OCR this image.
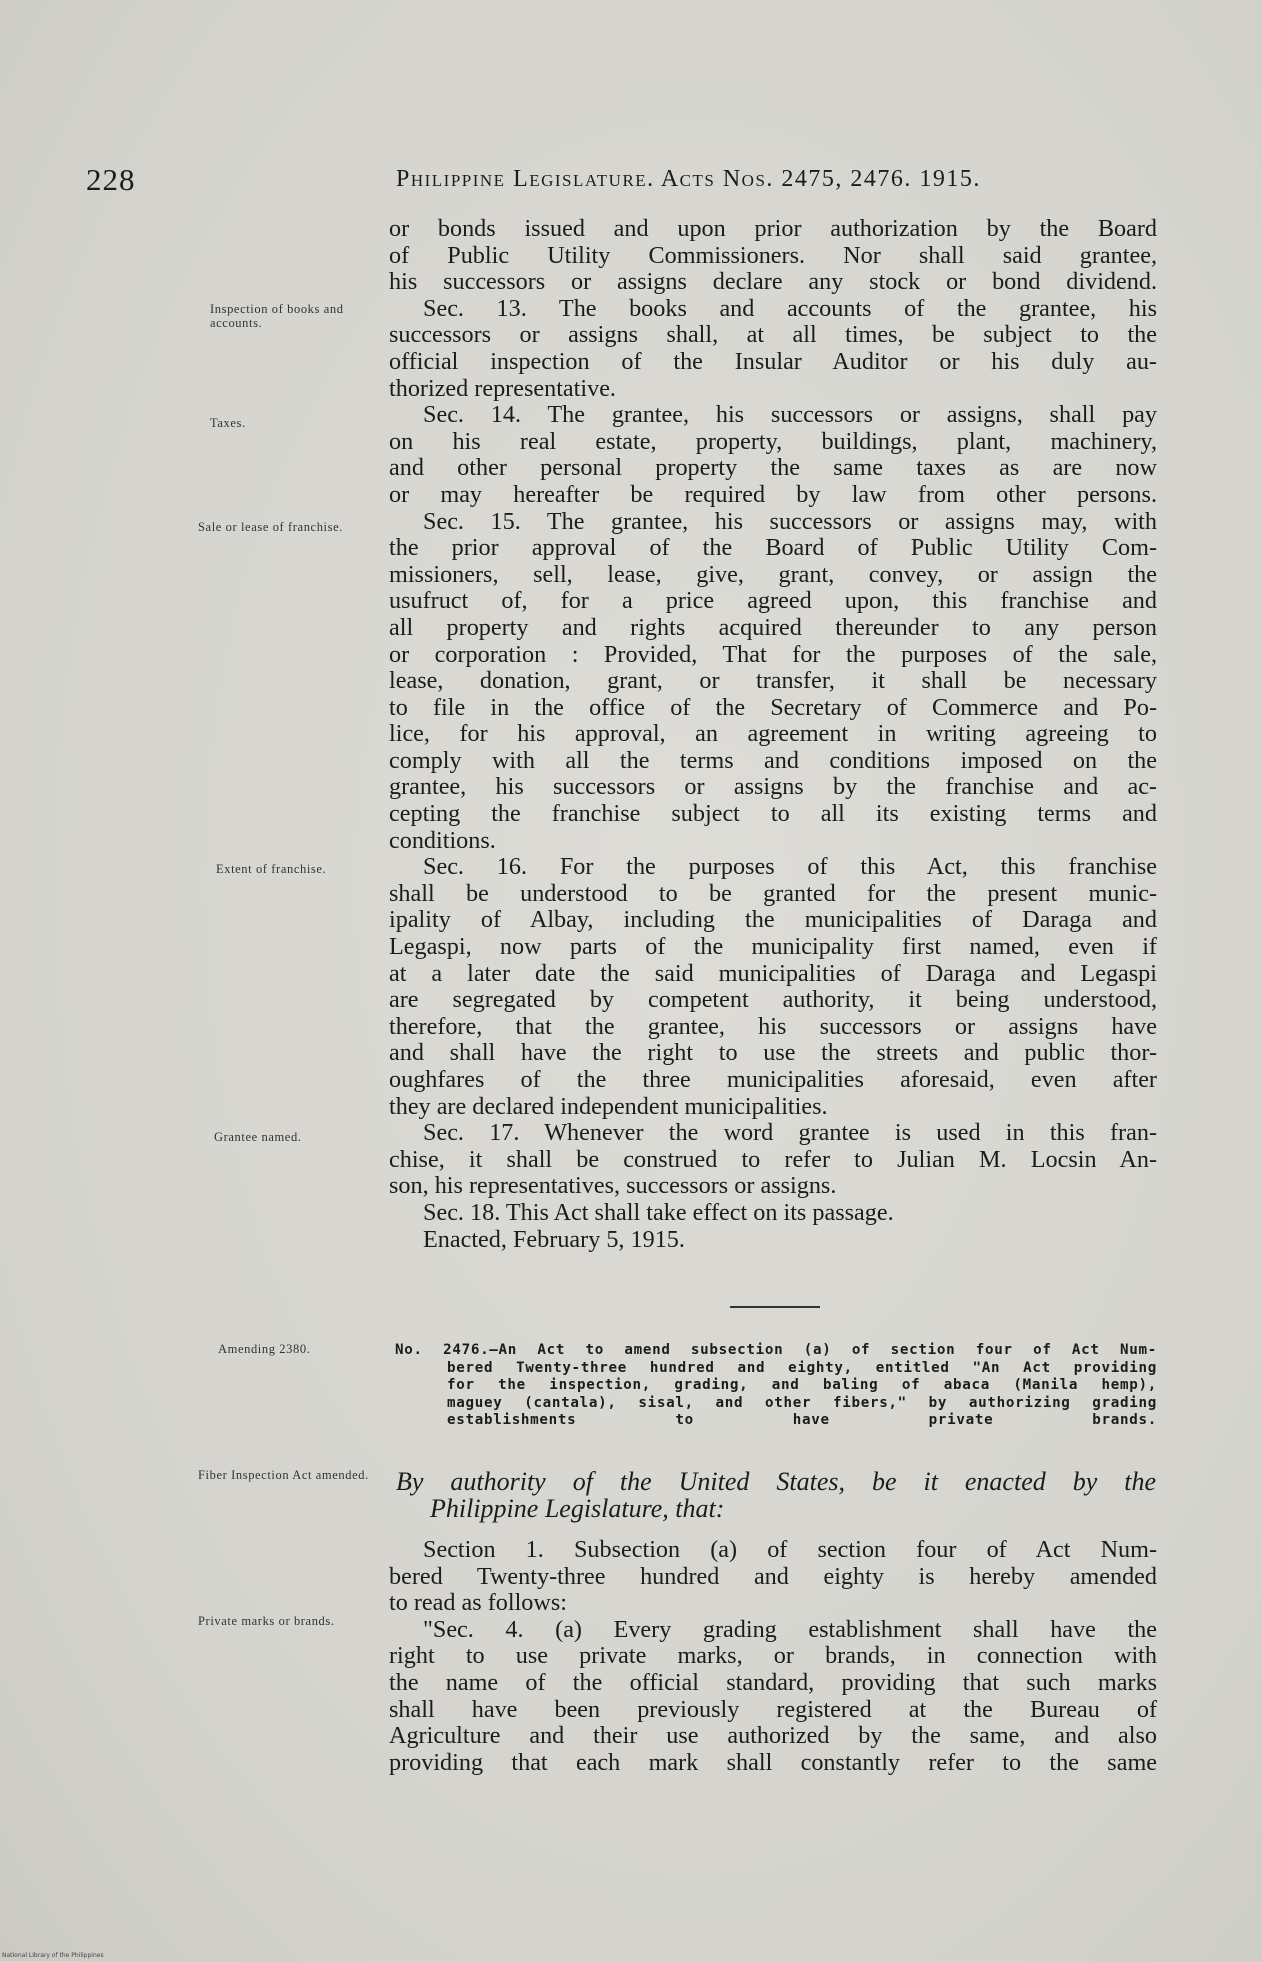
228	Philippine Legislature. Acts Nos. 2475, 2476. 1915.
Inspection of books and accounts.
Taxes.
Sale or lease of franchise.
Extent of franchise.
Grantee named.
Amending 2380.
Fiber Inspection Act amended.
Private marks or brands.
or bonds issued and upon prior authorization by the Board
of Public Utility Commissioners. Nor shall said grantee,
his successors or assigns declare any stock or bond dividend.
Sec. 13. The books and accounts of the grantee, his
successors or assigns shall, at all times, be subject to the
official inspection of the Insular Auditor or his duly au-
thorized representative.
Sec. 14. The grantee, his successors or assigns, shall pay
on his real estate, property, buildings, plant, machinery,
and other personal property the same taxes as are now
or may hereafter be required by law from other persons.
Sec. 15. The grantee, his successors or assigns may, with
the prior approval of the Board of Public Utility Com-
missioners, sell, lease, give, grant, convey, or assign the
usufruct of, for a price agreed upon, this franchise and
all property and rights acquired thereunder to any person
or corporation : Provided, That for the purposes of the sale,
lease, donation, grant, or transfer, it shall be necessary
to file in the office of the Secretary of Commerce and Po-
lice, for his approval, an agreement in writing agreeing to
comply with all the terms and conditions imposed on the
grantee, his successors or assigns by the franchise and ac-
cepting the franchise subject to all its existing terms and
conditions.
Sec. 16. For the purposes of this Act, this franchise
shall be understood to be granted for the present munic-
ipality of Albay, including the municipalities of Daraga and
Legaspi, now parts of the municipality first named, even if
at a later date the said municipalities of Daraga and Legaspi
are segregated by competent authority, it being understood,
therefore, that the grantee, his successors or assigns have
and shall have the right to use the streets and public thor-
oughfares of the three municipalities aforesaid, even after
they are declared independent municipalities.
Sec. 17. Whenever the word grantee is used in this fran-
chise, it shall be construed to refer to Julian M. Locsin An-
son, his representatives, successors or assigns.
Sec. 18. This Act shall take effect on its passage.
Enacted, February 5, 1915.
No. 2476.—An Act to amend subsection (a) of section four of Act Num-
bered Twenty-three hundred and eighty, entitled "An Act providing
for the inspection, grading, and baling of abaca (Manila hemp),
maguey (cantala), sisal, and other fibers," by authorizing grading
establishments to have private brands.
By authority of the United States, be it enacted by the
Philippine Legislature, that:
Section 1. Subsection (a) of section four of Act Num-
bered Twenty-three hundred and eighty is hereby amended
to read as follows:
"Sec. 4. (a) Every grading establishment shall have the
right to use private marks, or brands, in connection with
the name of the official standard, providing that such marks
shall have been previously registered at the Bureau of
Agriculture and their use authorized by the same, and also
providing that each mark shall constantly refer to the same
National Library of the Philippines
